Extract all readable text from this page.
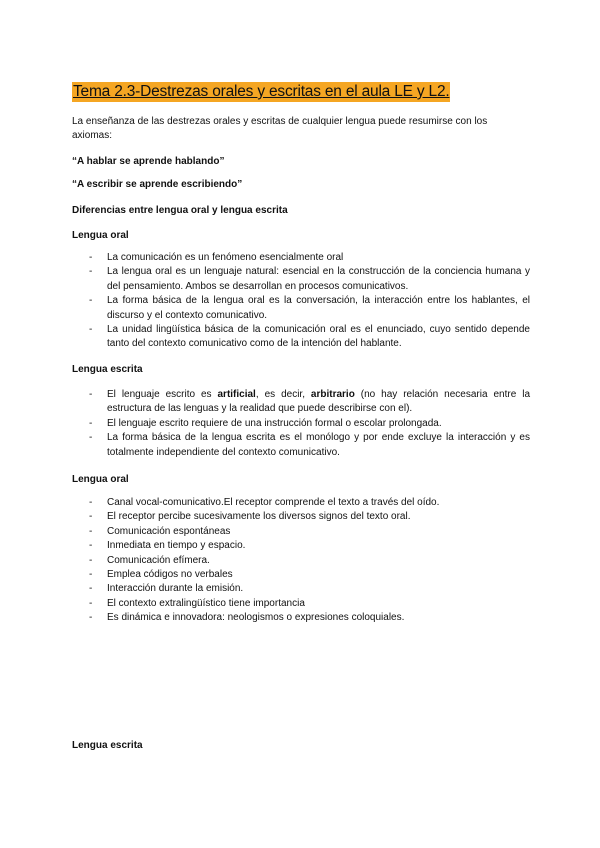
Tema 2.3-Destrezas orales y escritas en el aula LE y L2.
La enseñanza de las destrezas orales y escritas de cualquier lengua puede resumirse con los axiomas:
“A hablar se aprende hablando”
“A escribir se aprende escribiendo”
Diferencias entre lengua oral y lengua escrita
Lengua oral
- La comunicación es un fenómeno esencialmente oral
- La lengua oral es un lenguaje natural: esencial en la construcción de la conciencia humana y del pensamiento. Ambos se desarrollan en procesos comunicativos.
- La forma básica de la lengua oral es la conversación, la interacción entre los hablantes, el discurso y el contexto comunicativo.
- La unidad lingüística básica de la comunicación oral es el enunciado, cuyo sentido depende tanto del contexto comunicativo como de la intención del hablante.
Lengua escrita
- El lenguaje escrito es artificial, es decir, arbitrario (no hay relación necesaria entre la estructura de las lenguas y la realidad que puede describirse con el).
- El lenguaje escrito requiere de una instrucción formal o escolar prolongada.
- La forma básica de la lengua escrita es el monólogo y por ende excluye la interacción y es totalmente independiente del contexto comunicativo.
Lengua oral
- Canal vocal-comunicativo.El receptor comprende el texto a través del oído.
- El receptor percibe sucesivamente los diversos signos del texto oral.
- Comunicación espontáneas
- Inmediata en tiempo y espacio.
- Comunicación efímera.
- Emplea códigos no verbales
- Interacción durante la emisión.
- El contexto extralingüístico tiene importancia
- Es dinámica e innovadora: neologismos o expresiones coloquiales.
Lengua escrita
